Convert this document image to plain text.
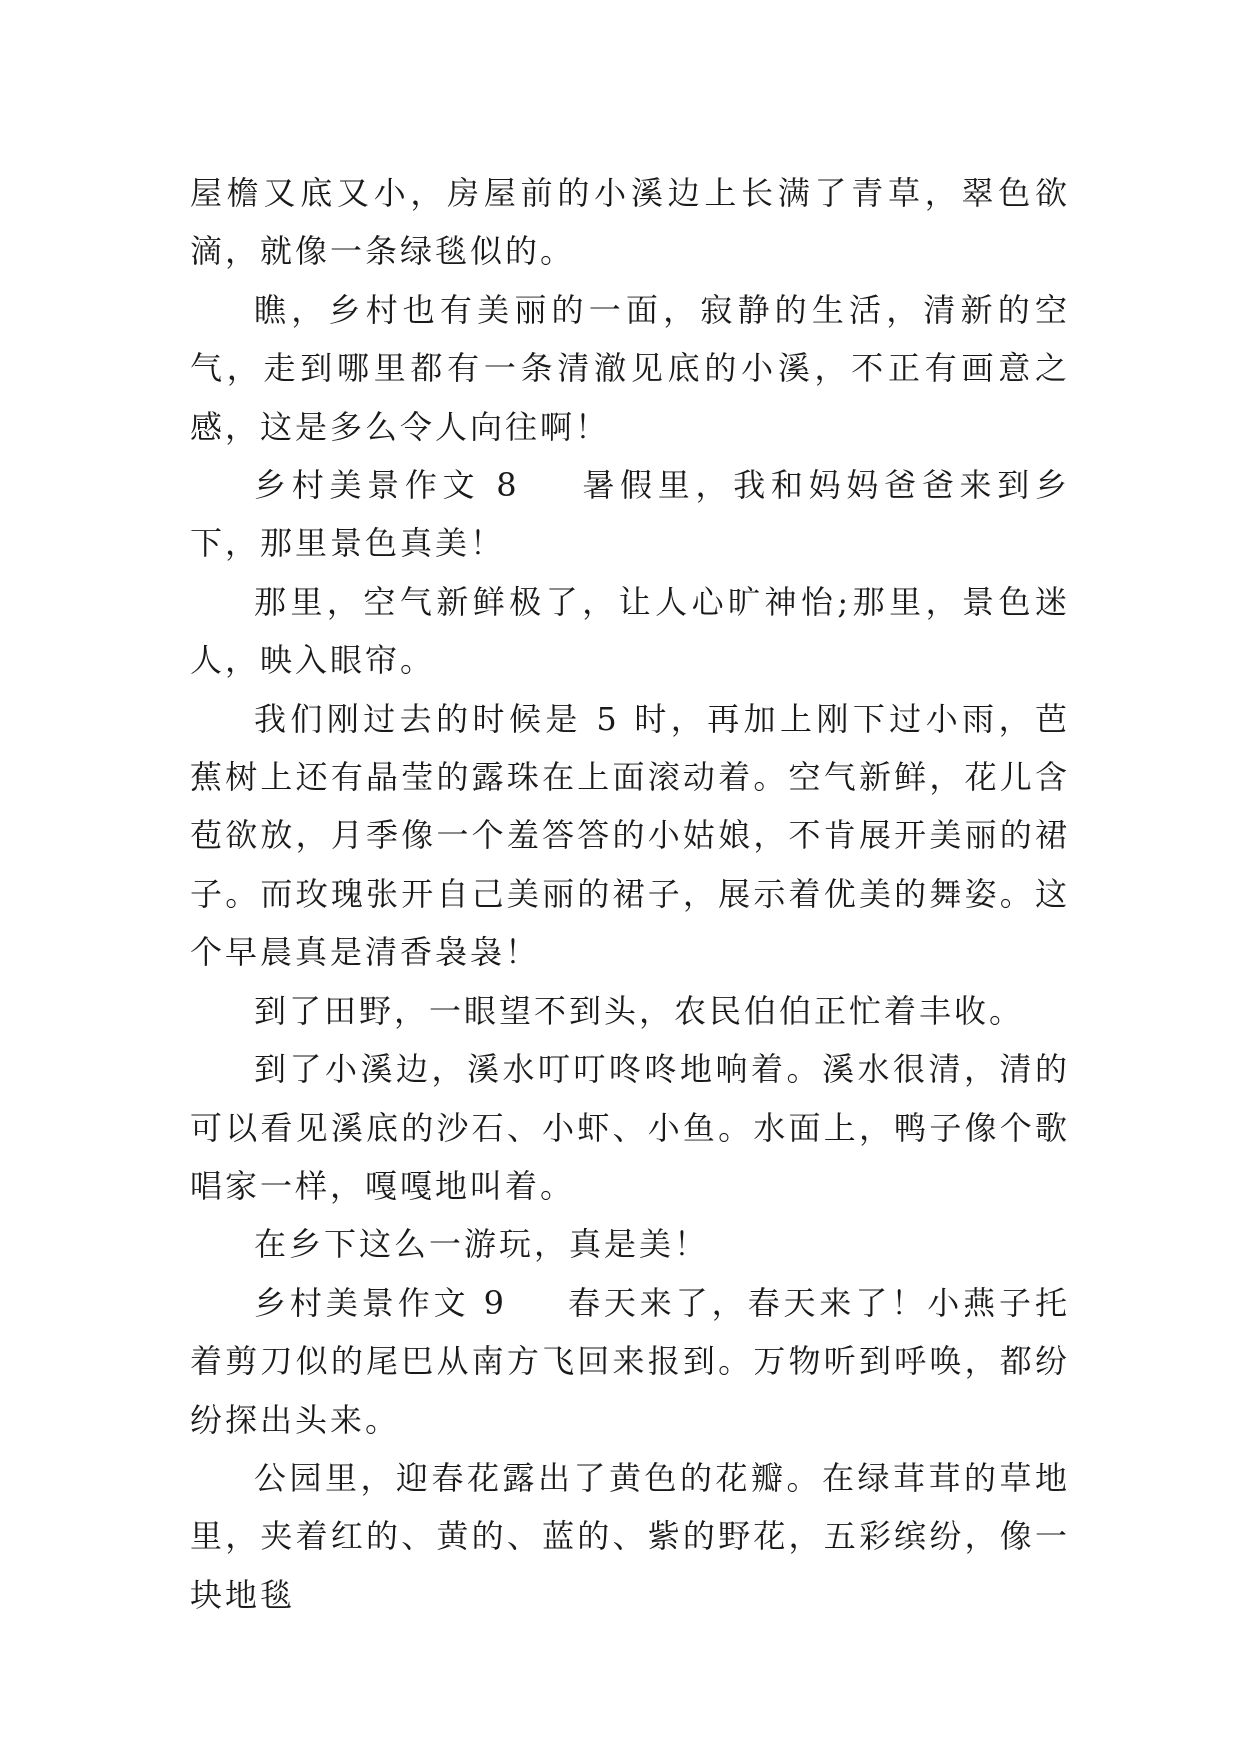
屋檐又底又小，房屋前的小溪边上长满了青草，翠色欲滴，就像一条绿毯似的。

瞧，乡村也有美丽的一面，寂静的生活，清新的空气，走到哪里都有一条清澈见底的小溪，不正有画意之感，这是多么令人向往啊！

乡村美景作文 8 暑假里，我和妈妈爸爸来到乡下，那里景色真美！

那里，空气新鲜极了，让人心旷神怡;那里，景色迷人，映入眼帘。

我们刚过去的时候是 5 时，再加上刚下过小雨，芭蕉树上还有晶莹的露珠在上面滚动着。空气新鲜，花儿含苞欲放，月季像一个羞答答的小姑娘，不肯展开美丽的裙子。而玫瑰张开自己美丽的裙子，展示着优美的舞姿。这个早晨真是清香袅袅！

到了田野，一眼望不到头，农民伯伯正忙着丰收。

到了小溪边，溪水叮叮咚咚地响着。溪水很清，清的可以看见溪底的沙石、小虾、小鱼。水面上，鸭子像个歌唱家一样，嘎嘎地叫着。

在乡下这么一游玩，真是美！

乡村美景作文 9 春天来了，春天来了！小燕子托着剪刀似的尾巴从南方飞回来报到。万物听到呼唤，都纷纷探出头来。

公园里，迎春花露出了黄色的花瓣。在绿茸茸的草地里，夹着红的、黄的、蓝的、紫的野花，五彩缤纷，像一块地毯
